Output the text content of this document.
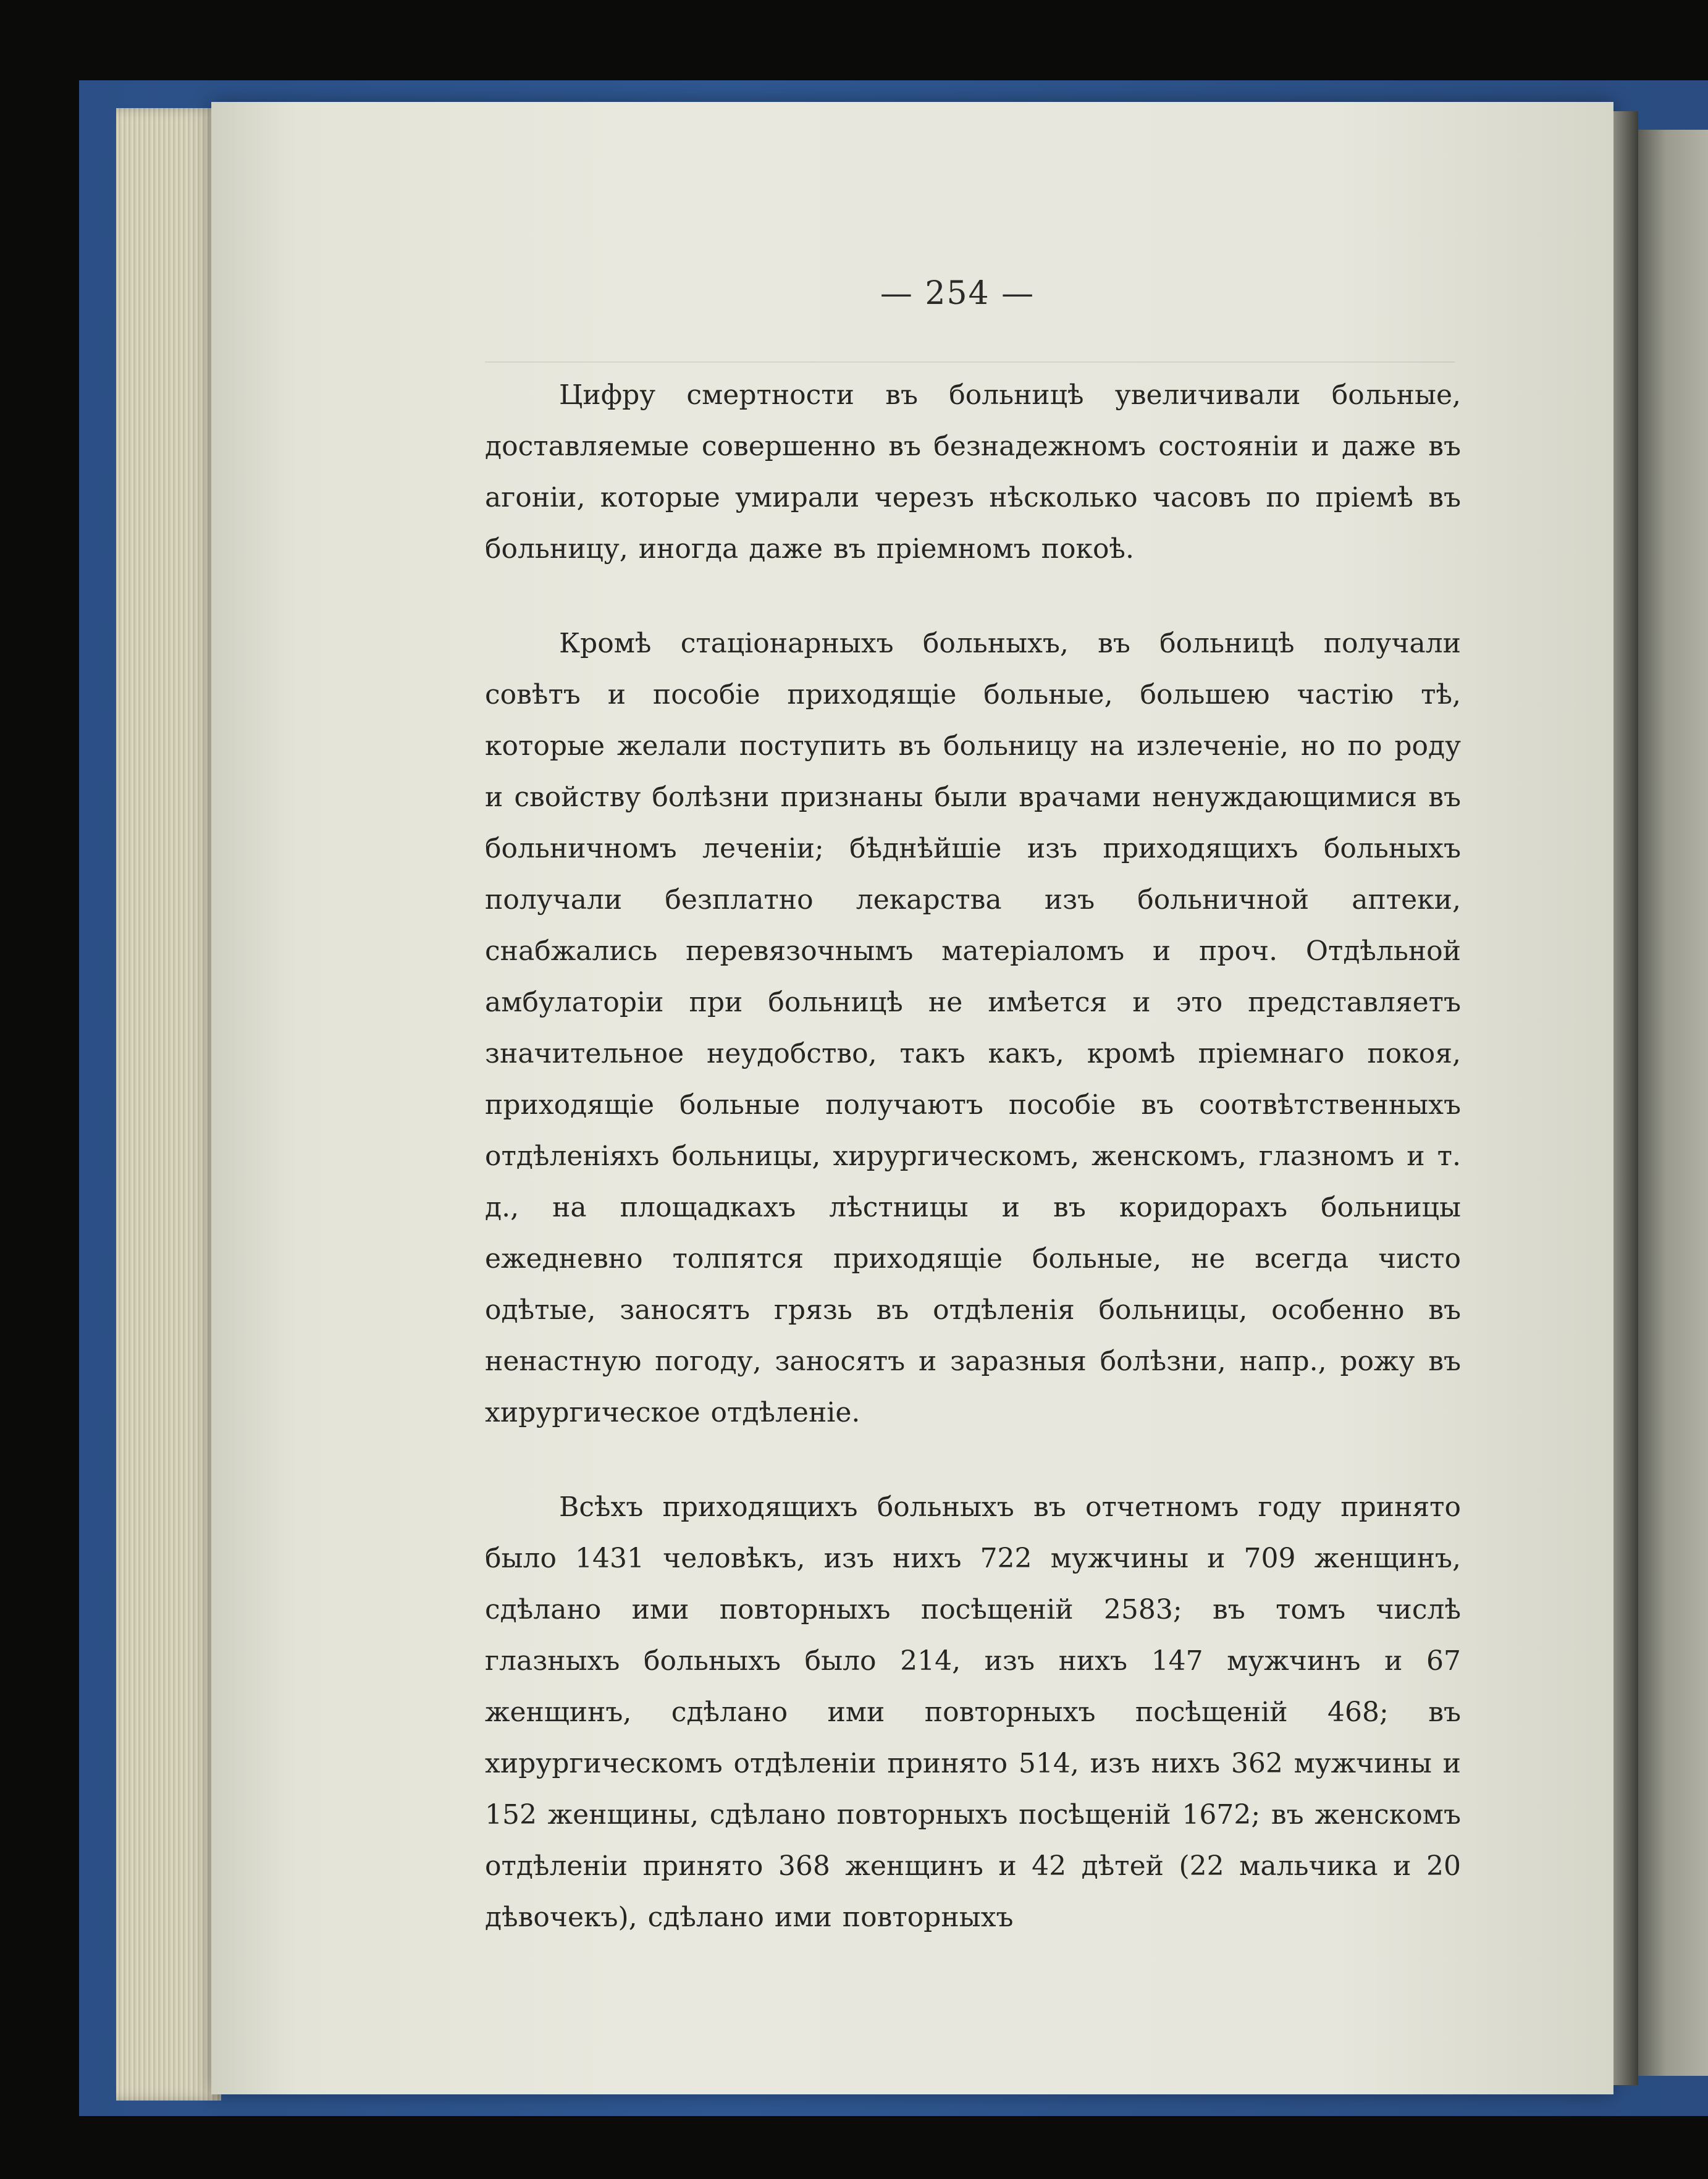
— 254 —

Цифру смертности въ больницѣ увеличивали больные, доставляемые совершенно въ безнадежномъ состояніи и даже въ агоніи, которые умирали черезъ нѣсколько часовъ по пріемѣ въ больницу, иногда даже въ пріемномъ покоѣ.

Кромѣ стаціонарныхъ больныхъ, въ больницѣ получали совѣтъ и пособіе приходящіе больные, большею частію тѣ, которые желали поступить въ больницу на излеченіе, но по роду и свойству болѣзни признаны были врачами ненуждающимися въ больничномъ леченіи; бѣднѣйшіе изъ приходящихъ больныхъ получали безплатно лекарства изъ больничной аптеки, снабжались перевязочнымъ матеріаломъ и проч. Отдѣльной амбулаторіи при больницѣ не имѣется и это представляетъ значительное неудобство, такъ какъ, кромѣ пріемнаго покоя, приходящіе больные получаютъ пособіе въ соотвѣтственныхъ отдѣленіяхъ больницы, хирургическомъ, женскомъ, глазномъ и т. д., на площадкахъ лѣстницы и въ коридорахъ больницы ежедневно толпятся приходящіе больные, не всегда чисто одѣтые, заносятъ грязь въ отдѣленія больницы, особенно въ ненастную погоду, заносятъ и заразныя болѣзни, напр., рожу въ хирургическое отдѣленіе.

Всѣхъ приходящихъ больныхъ въ отчетномъ году принято было 1431 человѣкъ, изъ нихъ 722 мужчины и 709 женщинъ, сдѣлано ими повторныхъ посѣщеній 2583; въ томъ числѣ глазныхъ больныхъ было 214, изъ нихъ 147 мужчинъ и 67 женщинъ, сдѣлано ими повторныхъ посѣщеній 468; въ хирургическомъ отдѣленіи принято 514, изъ нихъ 362 мужчины и 152 женщины, сдѣлано повторныхъ посѣщеній 1672; въ женскомъ отдѣленіи принято 368 женщинъ и 42 дѣтей (22 мальчика и 20 дѣвочекъ), сдѣлано ими повторныхъ
